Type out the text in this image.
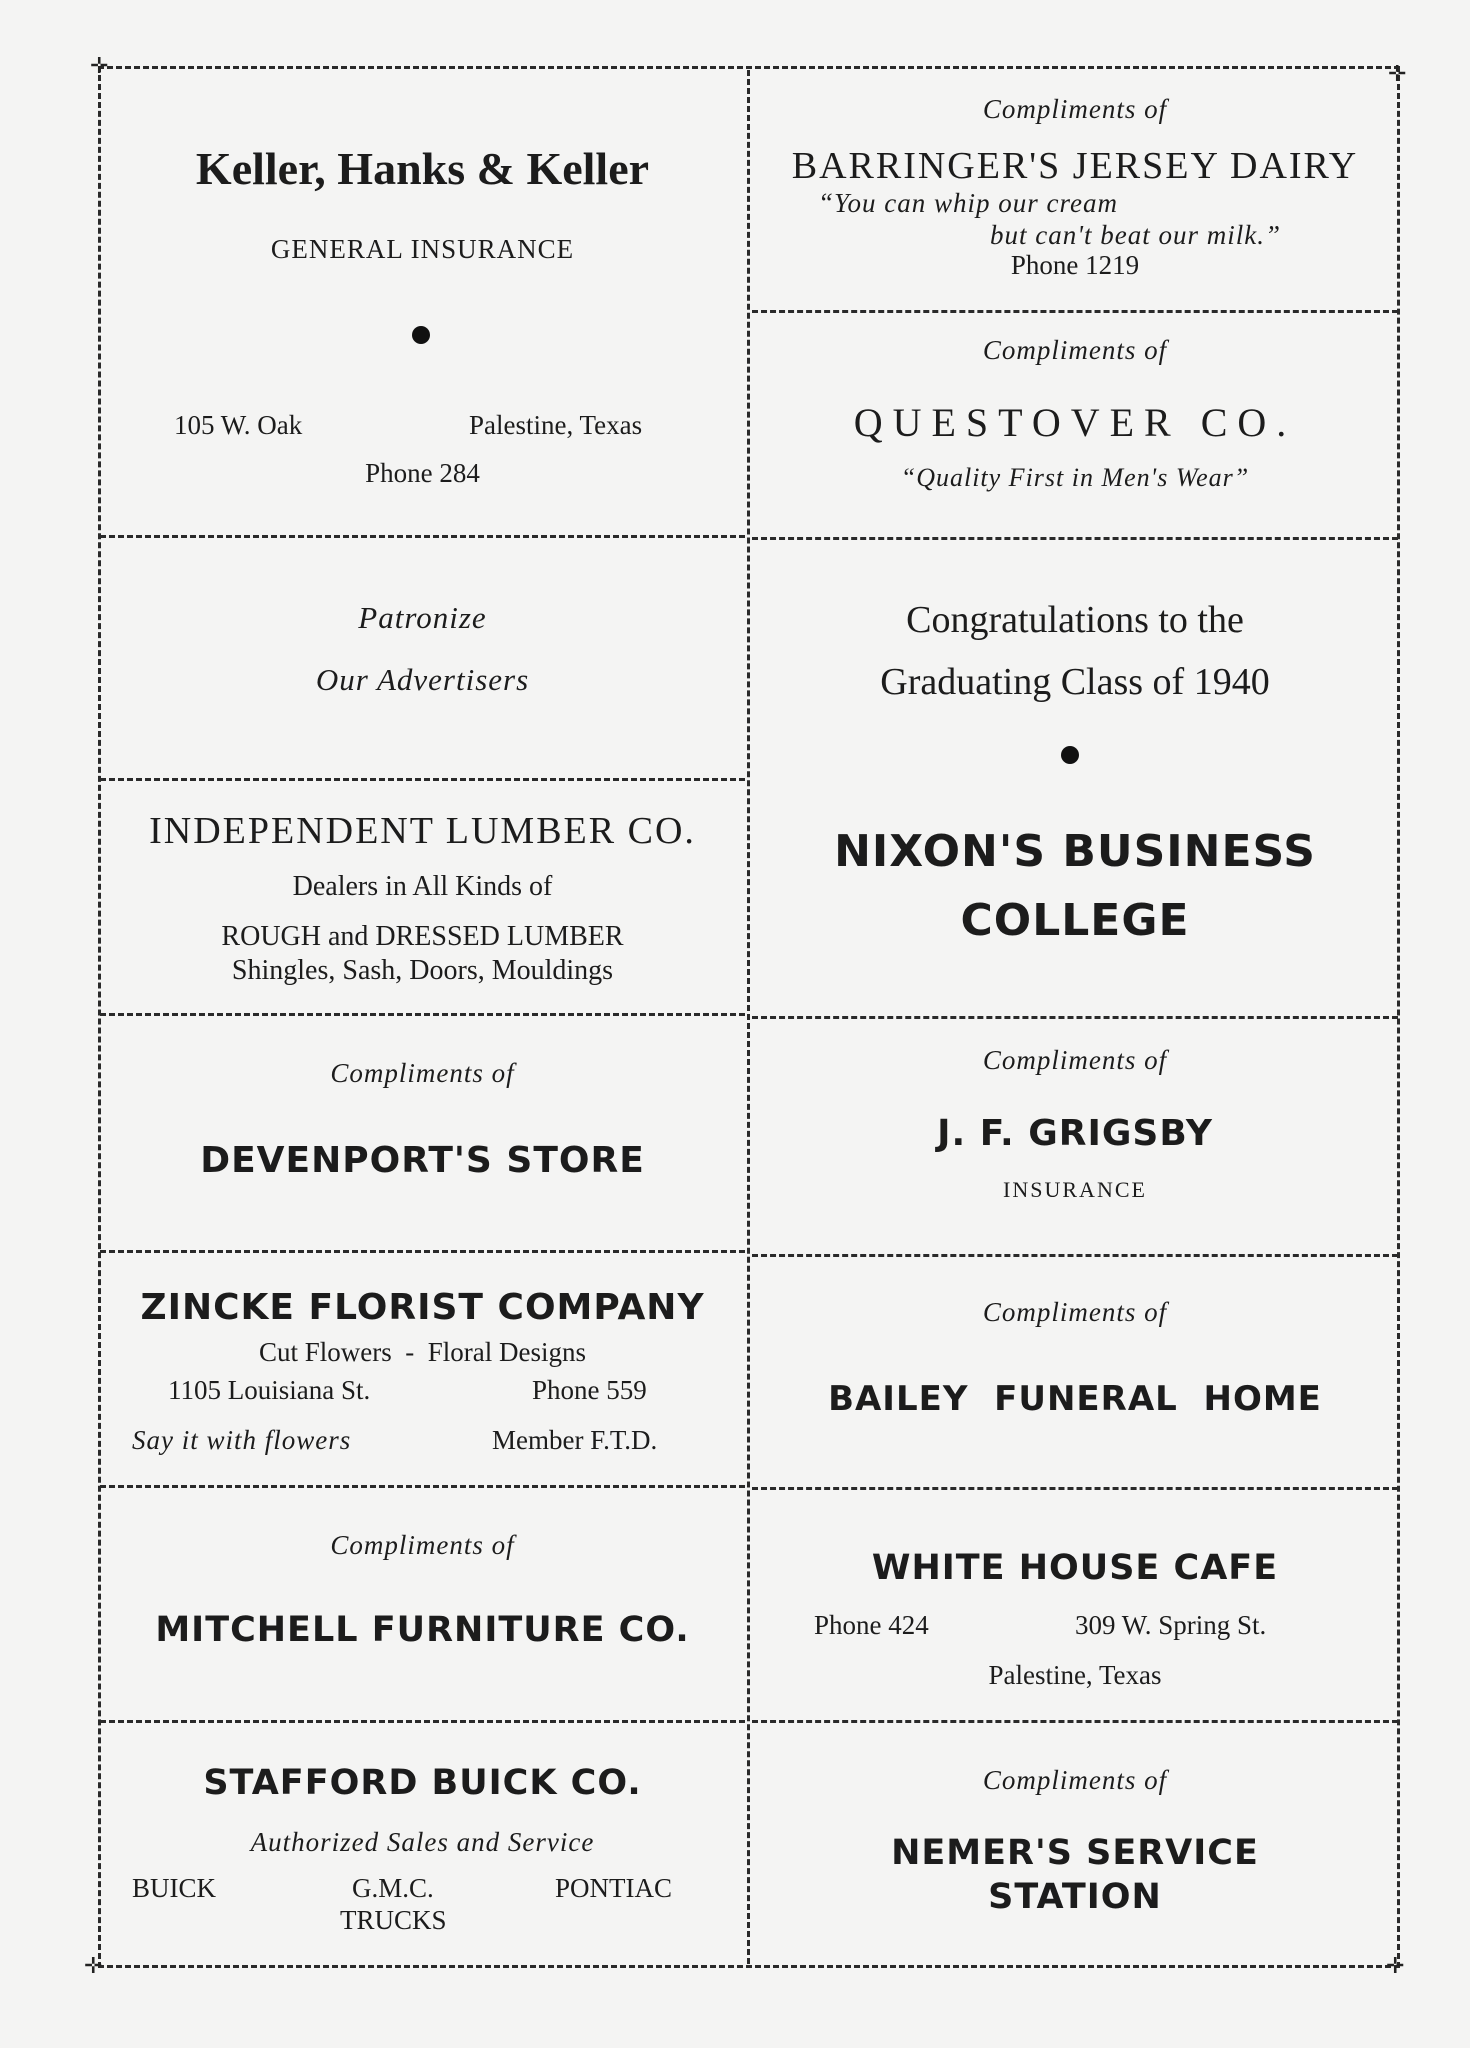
✛	✛
✛	✛
Keller, Hanks & Keller
GENERAL INSURANCE
105 W. Oak	Palestine, Texas
Phone 284
Compliments of
BARRINGER'S JERSEY DAIRY
“You can whip our cream
but can't beat our milk.”
Phone 1219
Compliments of
QUESTOVER CO.
“Quality First in Men's Wear”
Patronize
Our Advertisers
Congratulations to the
Graduating Class of 1940
NIXON'S BUSINESS
COLLEGE
INDEPENDENT LUMBER CO.
Dealers in All Kinds of
ROUGH and DRESSED LUMBER
Shingles, Sash, Doors, Mouldings
Compliments of
DEVENPORT'S STORE
Compliments of
J. F. GRIGSBY
INSURANCE
ZINCKE FLORIST COMPANY
Cut Flowers  -  Floral Designs
1105 Louisiana St.	Phone 559
Say it with flowers	Member F.T.D.
Compliments of
BAILEY  FUNERAL  HOME
Compliments of
MITCHELL FURNITURE CO.
WHITE HOUSE CAFE
Phone 424	309 W. Spring St.
Palestine, Texas
STAFFORD BUICK CO.
Authorized Sales and Service
BUICK	G.M.C.
TRUCKS
PONTIAC
Compliments of
NEMER'S SERVICE
STATION
